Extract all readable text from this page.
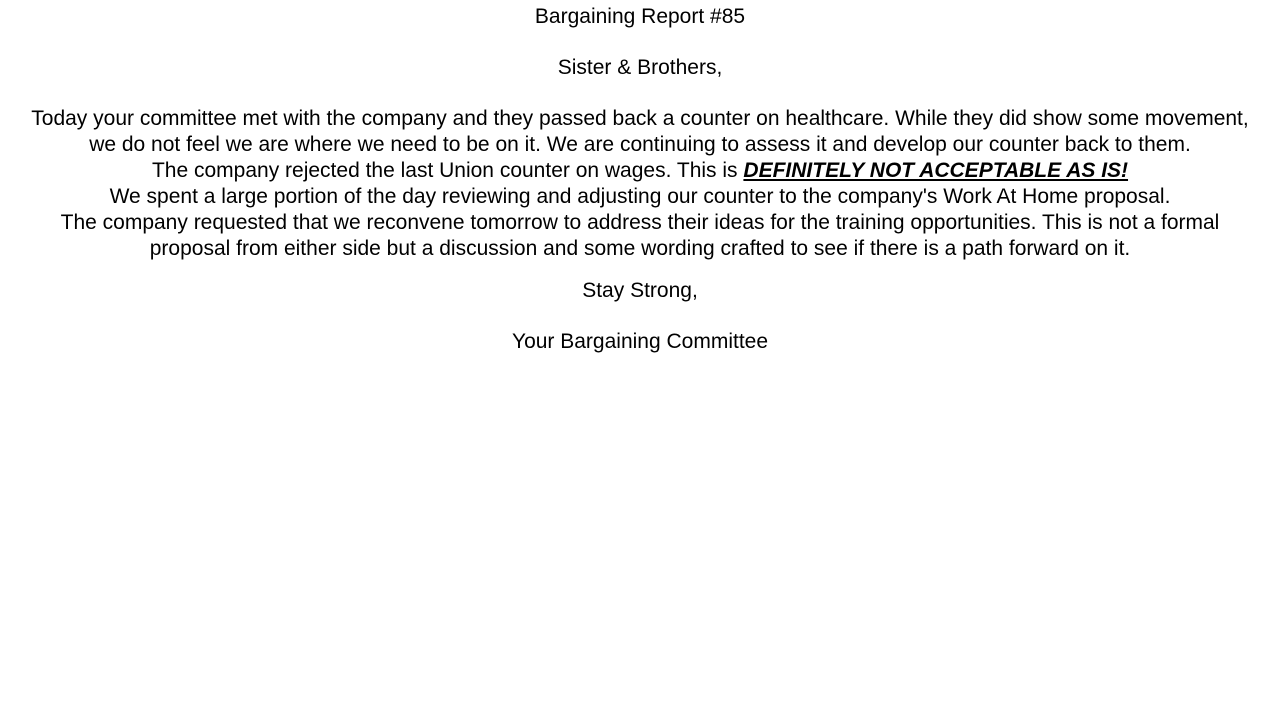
Bargaining Report #85

Sister & Brothers,

Today your committee met with the company and they passed back a counter on healthcare. While they did show some movement, we do not feel we are where we need to be on it. We are continuing to assess it and develop our counter back to them.

The company rejected the last Union counter on wages. This is DEFINITELY NOT ACCEPTABLE AS IS!

We spent a large portion of the day reviewing and adjusting our counter to the company's Work At Home proposal.

The company requested that we reconvene tomorrow to address their ideas for the training opportunities. This is not a formal proposal from either side but a discussion and some wording crafted to see if there is a path forward on it.

Stay Strong,

Your Bargaining Committee
